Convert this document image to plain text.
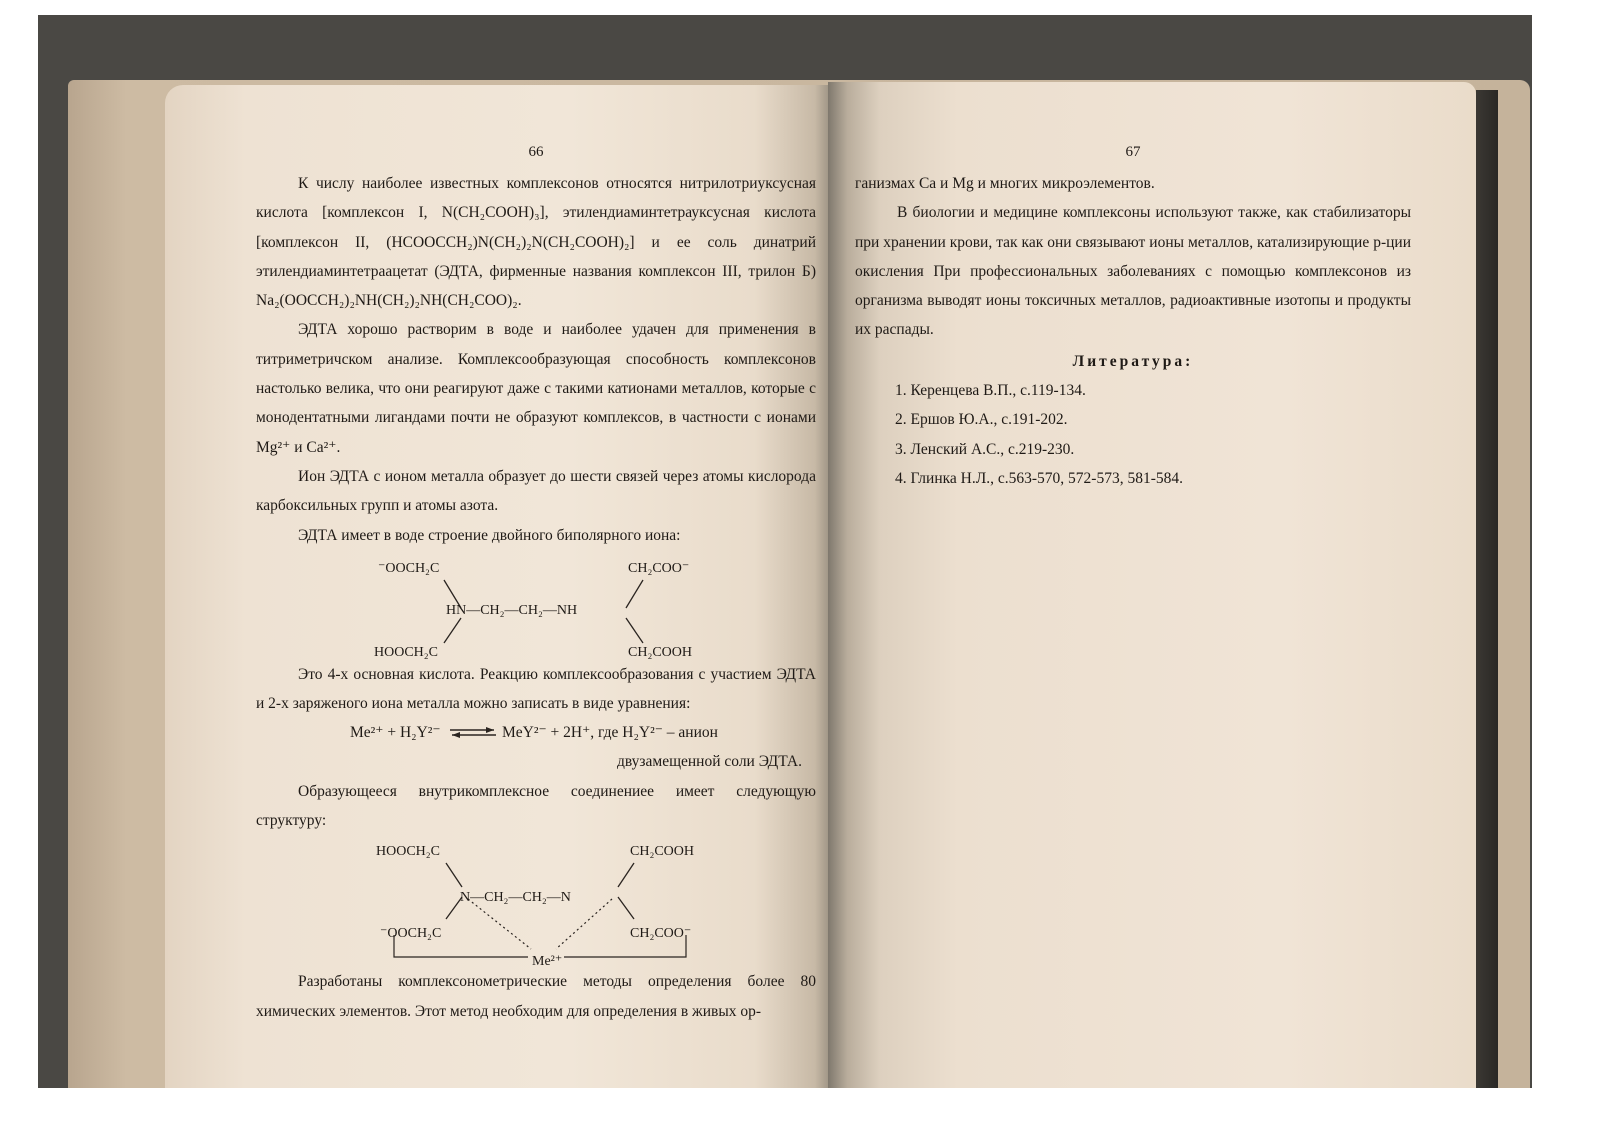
66

К числу наиболее известных комплексонов относятся нитрилотриуксусная кислота [комплексон I, N(CH₂COOH)₃], этилендиаминтетрауксусная кислота [комплексон II, (HCOOCCH₂)N(CH₂)₂N(CH₂COOH)₂] и ее соль динатрий этилендиаминтетраацетат (ЭДТА, фирменные названия комплексон III, трилон Б) Na₂(OOCCH₂)₂NH(CH₂)₂NH(CH₂COO)₂.

ЭДТА хорошо растворим в воде и наиболее удачен для применения в титриметричском анализе. Комплексообразующая способность комплексонов настолько велика, что они реагируют даже с такими катионами металлов, которые с монодентатными лигандами почти не образуют комплексов, в частности с ионами Mg²⁺ и Ca²⁺.

Ион ЭДТА с ионом металла образует до шести связей через атомы кислорода карбоксильных групп и атомы азота.

ЭДТА имеет в воде строение двойного биполярного иона:

⁻OOCH₂C	CH₂COO⁻
HN—CH₂—CH₂—NH
HOOCH₂C	CH₂COOH

Это 4-х основная кислота. Реакцию комплексообразования с участием ЭДТА и 2-х заряженого иона металла можно записать в виде уравнения:

Me²⁺ + H₂Y²⁻ ⇌ MeY²⁻ + 2H⁺, где H₂Y²⁻ – анион

двузамещенной соли ЭДТА.

Образующееся внутрикомплексное соединениее имеет следующую структуру:

HOOCH₂C	CH₂COOH
N—CH₂—CH₂—N
⁻OOCH₂C	CH₂COO⁻
Me²⁺

Разработаны комплексонометрические методы определения более 80 химических элементов. Этот метод необходим для определения в живых ор-

67

ганизмах Ca и Mg и многих микроэлементов.

В биологии и медицине комплексоны используют также, как стабилизаторы при хранении крови, так как они связывают ионы металлов, катализирующие р-ции окисления При профессиональных заболеваниях с помощью комплексонов из организма выводят ионы токсичных металлов, радиоактивные изотопы и продукты их распады.

Литература:

1. Керенцева В.П., с.119-134.

2. Ершов Ю.А., с.191-202.

3. Ленский А.С., с.219-230.

4. Глинка Н.Л., с.563-570, 572-573, 581-584.
